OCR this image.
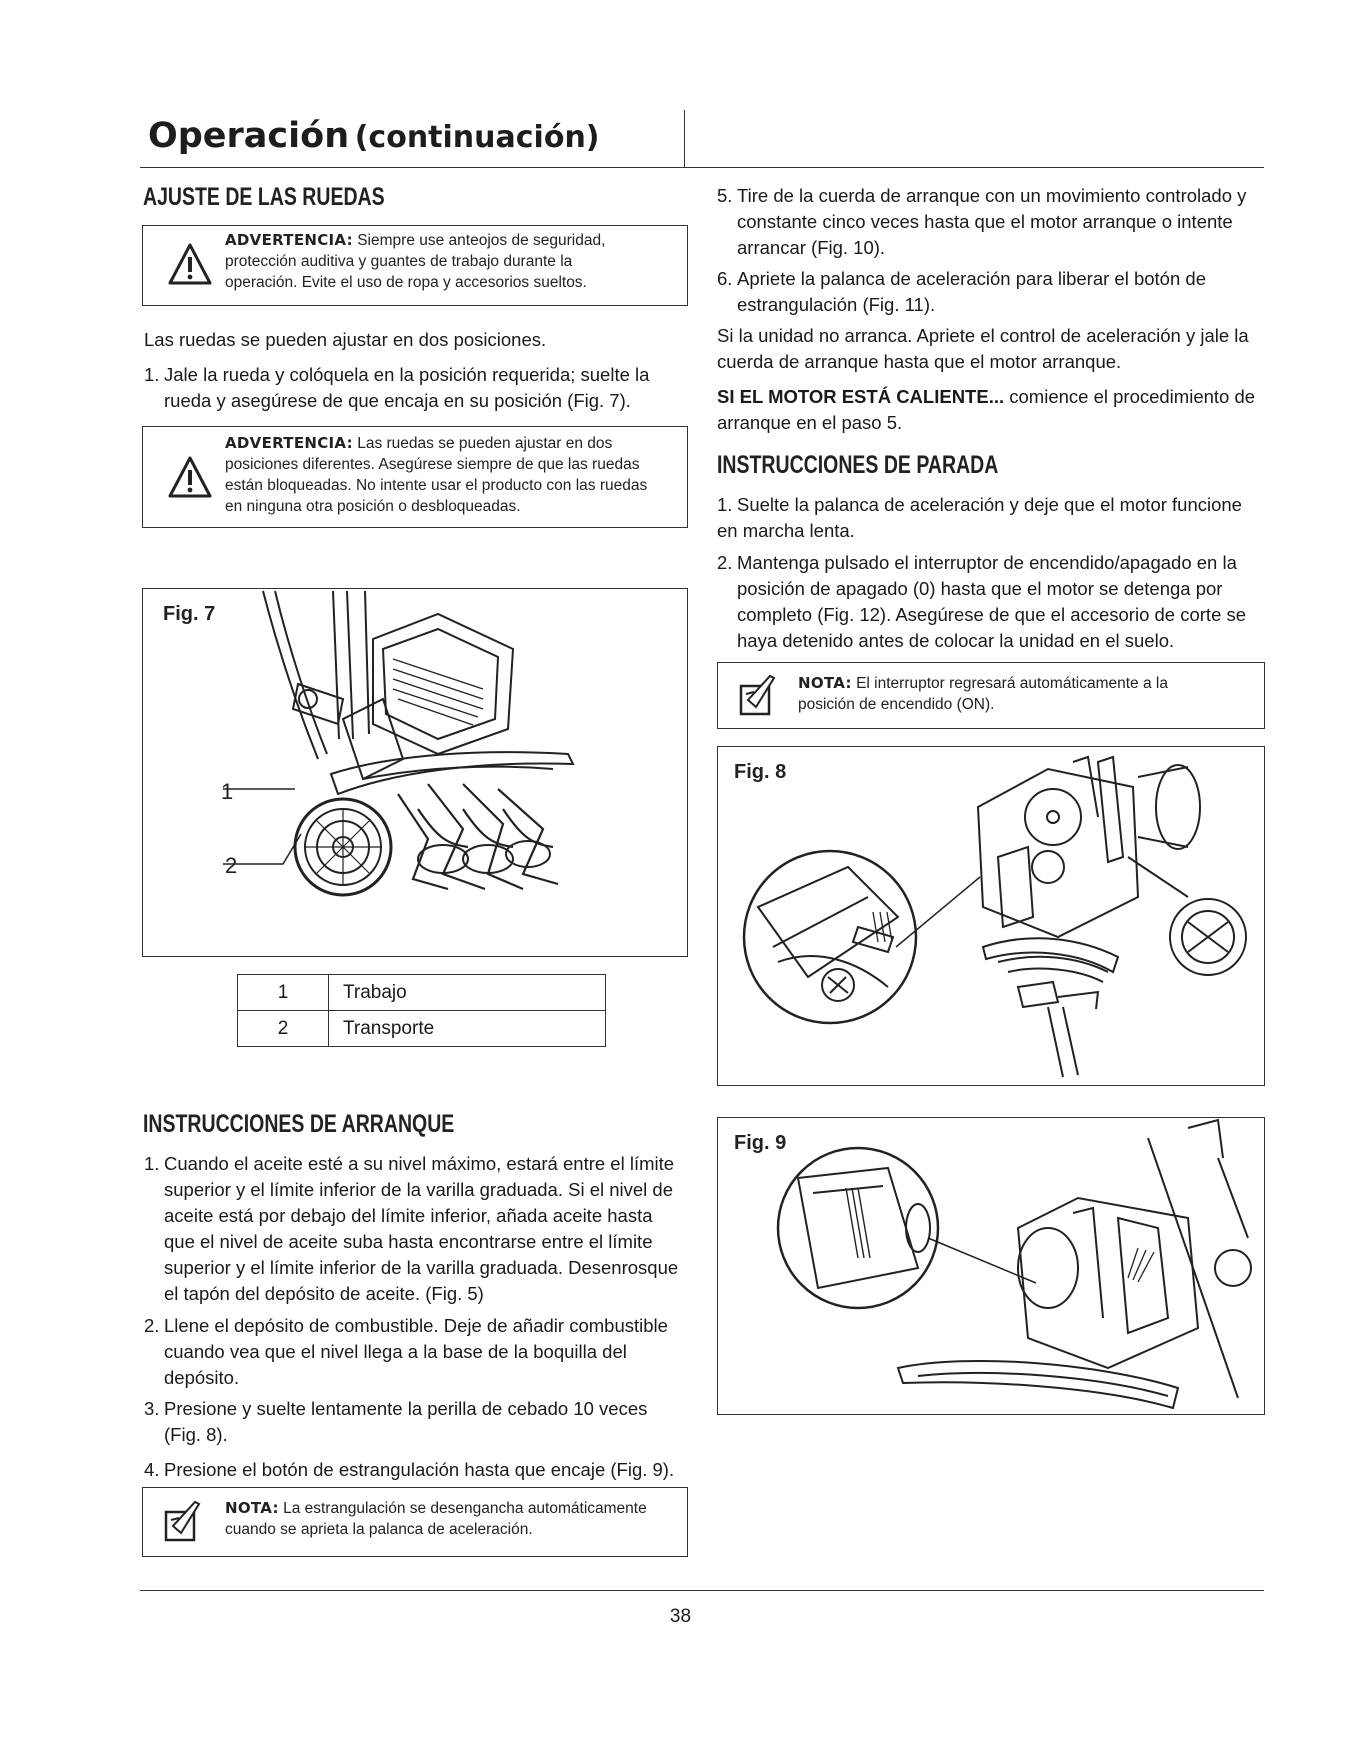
Operación (continuación)
AJUSTE DE LAS RUEDAS
ADVERTENCIA: Siempre use anteojos de seguridad,
protección auditiva y guantes de trabajo durante la
operación. Evite el uso de ropa y accesorios sueltos.
Las ruedas se pueden ajustar en dos posiciones.
1. Jale la rueda y colóquela en la posición requerida; suelte la
rueda y asegúrese de que encaja en su posición (Fig. 7).
ADVERTENCIA: Las ruedas se pueden ajustar en dos
posiciones diferentes. Asegúrese siempre de que las ruedas
están bloqueadas. No intente usar el producto con las ruedas
en ninguna otra posición o desbloqueadas.
Fig. 7
1
2
1	Trabajo
2	Transporte
INSTRUCCIONES DE ARRANQUE
1. Cuando el aceite esté a su nivel máximo, estará entre el límite
superior y el límite inferior de la varilla graduada. Si el nivel de
aceite está por debajo del límite inferior, añada aceite hasta
que el nivel de aceite suba hasta encontrarse entre el límite
superior y el límite inferior de la varilla graduada. Desenrosque
el tapón del depósito de aceite. (Fig. 5)
2. Llene el depósito de combustible. Deje de añadir combustible
cuando vea que el nivel llega a la base de la boquilla del
depósito.
3. Presione y suelte lentamente la perilla de cebado 10 veces
(Fig. 8).
4. Presione el botón de estrangulación hasta que encaje (Fig. 9).
NOTA: La estrangulación se desengancha automáticamente
cuando se aprieta la palanca de aceleración.
5. Tire de la cuerda de arranque con un movimiento controlado y
constante cinco veces hasta que el motor arranque o intente
arrancar (Fig. 10).
6. Apriete la palanca de aceleración para liberar el botón de
estrangulación (Fig. 11).
Si la unidad no arranca. Apriete el control de aceleración y jale la
cuerda de arranque hasta que el motor arranque.
SI EL MOTOR ESTÁ CALIENTE... comience el procedimiento de
arranque en el paso 5.
INSTRUCCIONES DE PARADA
1. Suelte la palanca de aceleración y deje que el motor funcione
en marcha lenta.
2. Mantenga pulsado el interruptor de encendido/apagado en la
posición de apagado (0) hasta que el motor se detenga por
completo (Fig. 12). Asegúrese de que el accesorio de corte se
haya detenido antes de colocar la unidad en el suelo.
NOTA: El interruptor regresará automáticamente a la
posición de encendido (ON).
Fig. 8
Fig. 9
38
